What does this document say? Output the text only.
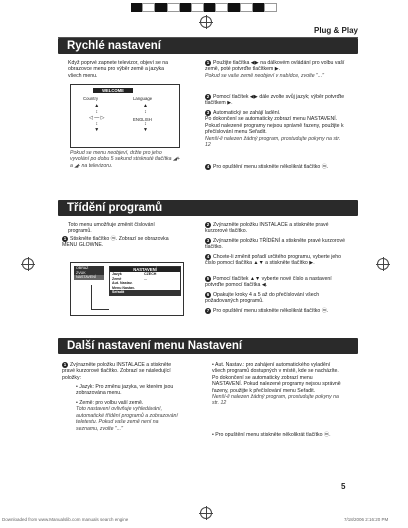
Plug & Play
Rychlé nastavení
Když poprvé zapnete televizor, objeví se na obrazovce menu pro výběr země a jazyka všech menu.
WELCOME
Country	Language
▲
↕
◁ — ▷
↕
▼
▲
↕

↕
▼
ENGLISH
Pokud se menu neobjeví, držte pro jeho vyvolání po dobu 5 sekund stisknuté tlačítka ◢+ a ◢- na televizoru.
1 Použijte tlačítka ◀▶ na dálkovém ovládání pro volbu vaší země, poté potvrďte tlačítkem ▶.
Pokud se vaše země neobjeví v nabídce, zvolte "..."
2 Pomocí tlačítek ◀▶ dále zvolte svůj jazyk; výběr potvrďte tlačítkem ▶.
3 Automatický se zahájí ladění.
Po dokončení se automaticky zobrazí menu NASTAVENÍ. Pokud nalezené programy nejsou správně řazeny, použijte k přečíslování menu Seřadit.
Nenší-li nalezen žádný program, prostudujte pokyny na str. 12
4 Pro opuštění menu stiskněte několikrát tlačítko ⓜ.
Třídění programů
Toto menu umožňuje změnit číslování programů.
1 Stiskněte tlačítko ⓜ. Zobrazí se obrazovka MENU GLOWNE.
OBRAZ
ZVUK
NASTAVENÍ
NASTAVENÍ
Jazyk	CZECH
Země	...
Aut. Nastav.
Menu Nastav.
Seřadit
2 Zvýrazněte položku INSTALACE a stiskněte pravé kurzorové tlačítko.
3 Zvýrazněte položku TŘÍDĚNÍ a stiskněte pravé kurzorové tlačítko.
4 Chcete-li změnit pořadí určitého programu, vyberte jeho číslo pomocí tlačítka ▲▼ a stiskněte tlačítko ▶.
5 Pomocí tlačítek ▲▼ vyberte nové číslo a nastavení potvrďte pomocí tlačítka ◀.
6 Opakujte kroky 4 a 5 až do přečíslování všech požadovaných programů.
7 Pro opuštění menu stiskněte několikrát tlačítko ⓜ.
Další nastavení menu Nastavení
1 Zvýrazněte položku INSTALACE a stiskněte pravé kurzorové tlačítko. Zobrazí se následující položky:
• Jazyk: Pro změnu jazyka, ve kterém jsou zobrazována menu.
• Země: pro volbu vaší země.
Toto nastavení ovlivňuje vyhledávání, automatické třídění programů a zobrazování teletextu. Pokud vaše země není na seznamu, zvolte "..."
• Aut. Nastav.: pro zahájení automatického vyladění všech programů dostupných v místě, kde se nacházíte.
Po dokončení se automaticky zobrazí menu NASTAVENÍ. Pokud nalezené programy nejsou správně řazeny, použijte k přečíslování menu Seřadit.
Nenší-li nalezen žádný program, prostudujte pokyny na str. 12
• Pro opuštění menu stiskněte několikrát tlačítko ⓜ.
5
Downloaded from www.Manualslib.com manuals search engine	7/18/2006 2:16:20 PM
